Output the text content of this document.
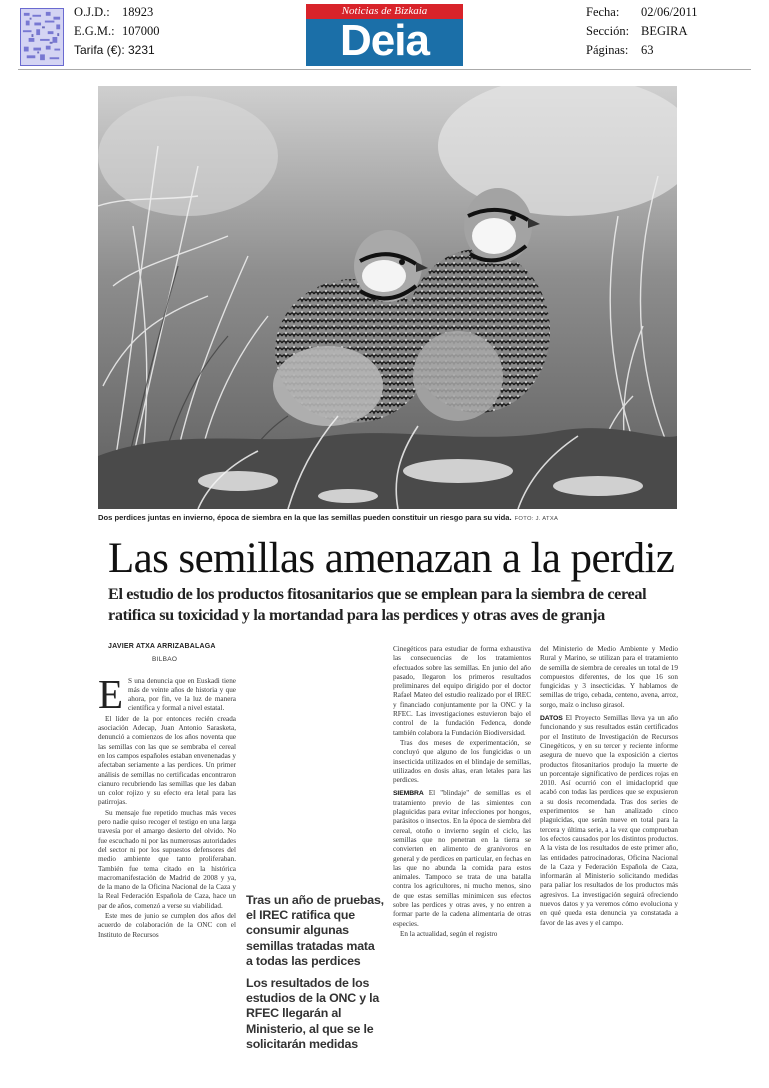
O.J.D.: 18923
E.G.M.: 107000
Tarifa (€): 3231
Noticias de Bizkaia
Deia
Fecha: 02/06/2011
Sección: BEGIRA
Páginas: 63
Dos perdices juntas en invierno, época de siembra en la que las semillas pueden constituir un riesgo para su vida. FOTO: J. ATXA
Las semillas amenazan a la perdiz
El estudio de los productos fitosanitarios que se emplean para la siembra de cereal ratifica su toxicidad y la mortandad para las perdices y otras aves de granja
JAVIER ATXA ARRIZABALAGA
BILBAO

E S una denuncia que en Euskadi tiene más de veinte años de historia y que ahora, por fin, ve la luz de manera científica y formal a nivel estatal.

El líder de la por entonces recién creada asociación Adecap, Juan Antonio Sarasketa, denunció a comienzos de los años noventa que las semillas con las que se sembraba el cereal en los campos españoles estaban envenenadas y afectaban seriamente a las perdices. Un primer análisis de semillas no certificadas encontraron cianuro recubriendo las semillas que les daban un color rojizo y su efecto era letal para las patirrojas.

Su mensaje fue repetido muchas más veces pero nadie quiso recoger el testigo en una larga travesía por el amargo desierto del olvido. No fue escuchado ni por las numerosas autoridades del sector ni por los supuestos defensores del medio ambiente que tanto proliferaban. También fue tema citado en la histórica macromanifestación de Madrid de 2008 y ya, de la mano de la Oficina Nacional de la Caza y la Real Federación Española de Caza, hace un par de años, comenzó a verse su viabilidad.

Este mes de junio se cumplen dos años del acuerdo de colaboración de la ONC con el Instituto de Recursos

Tras un año de pruebas, el IREC ratifica que consumir algunas semillas tratadas mata a todas las perdices
Los resultados de los estudios de la ONC y la RFEC llegarán al Ministerio, al que se le solicitarán medidas

Cinegéticos para estudiar de forma exhaustiva las consecuencias de los tratamientos efectuados sobre las semillas. En junio del año pasado, llegaron los primeros resultados preliminares del equipo dirigido por el doctor Rafael Mateo del estudio realizado por el IREC y financiado conjuntamente por la ONC y la RFEC. Las investigaciones estuvieron bajo el control de la fundación Fedenca, donde también colabora la Fundación Biodiversidad.

Tras dos meses de experimentación, se concluyó que alguno de los fungicidas o un insecticida utilizados en el blindaje de semillas, utilizados en dosis altas, eran letales para las perdices.

SIEMBRA El "blindaje" de semillas es el tratamiento previo de las simientes con plaguicidas para evitar infecciones por hongos, parásitos o insectos. En la época de siembra del cereal, otoño o invierno según el ciclo, las semillas que no penetran en la tierra se convierten en alimento de granívoros en general y de perdices en particular, en fechas en las que no abunda la comida para estos animales. Tampoco se trata de una batalla contra los agricultores, ni mucho menos, sino de que estas semillas minimicen sus efectos sobre las perdices y otras aves, y no entren a formar parte de la cadena alimentaria de otras especies.

En la actualidad, según el registro

del Ministerio de Medio Ambiente y Medio Rural y Marino, se utilizan para el tratamiento de semilla de siembra de cereales un total de 19 compuestos diferentes, de los que 16 son fungicidas y 3 insecticidas. Y hablamos de semillas de trigo, cebada, centeno, avena, arroz, sorgo, maíz o incluso girasol.

DATOS El Proyecto Semillas lleva ya un año funcionando y sus resultados están certificados por el Instituto de Investigación de Recursos Cinegéticos, y en su tercer y reciente informe asegura de nuevo que la exposición a ciertos productos fitosanitarios produjo la muerte de un porcentaje significativo de perdices rojas en 2010. Así ocurrió con el imidacloprid que acabó con todas las perdices que se expusieron a su dosis recomendada. Tras dos series de experimentos se han analizado cinco plaguicidas, que serán nueve en total para la tercera y última serie, a la vez que comprueban los efectos causados por los distintos productos. A la vista de los resultados de este primer año, las entidades patrocinadoras, Oficina Nacional de la Caza y Federación Española de Caza, informarán al Ministerio solicitando medidas para paliar los resultados de los productos más agresivos. La investigación seguirá ofreciendo nuevos datos y ya veremos cómo evoluciona y en qué queda esta denuncia ya constatada a favor de las aves y el campo.
